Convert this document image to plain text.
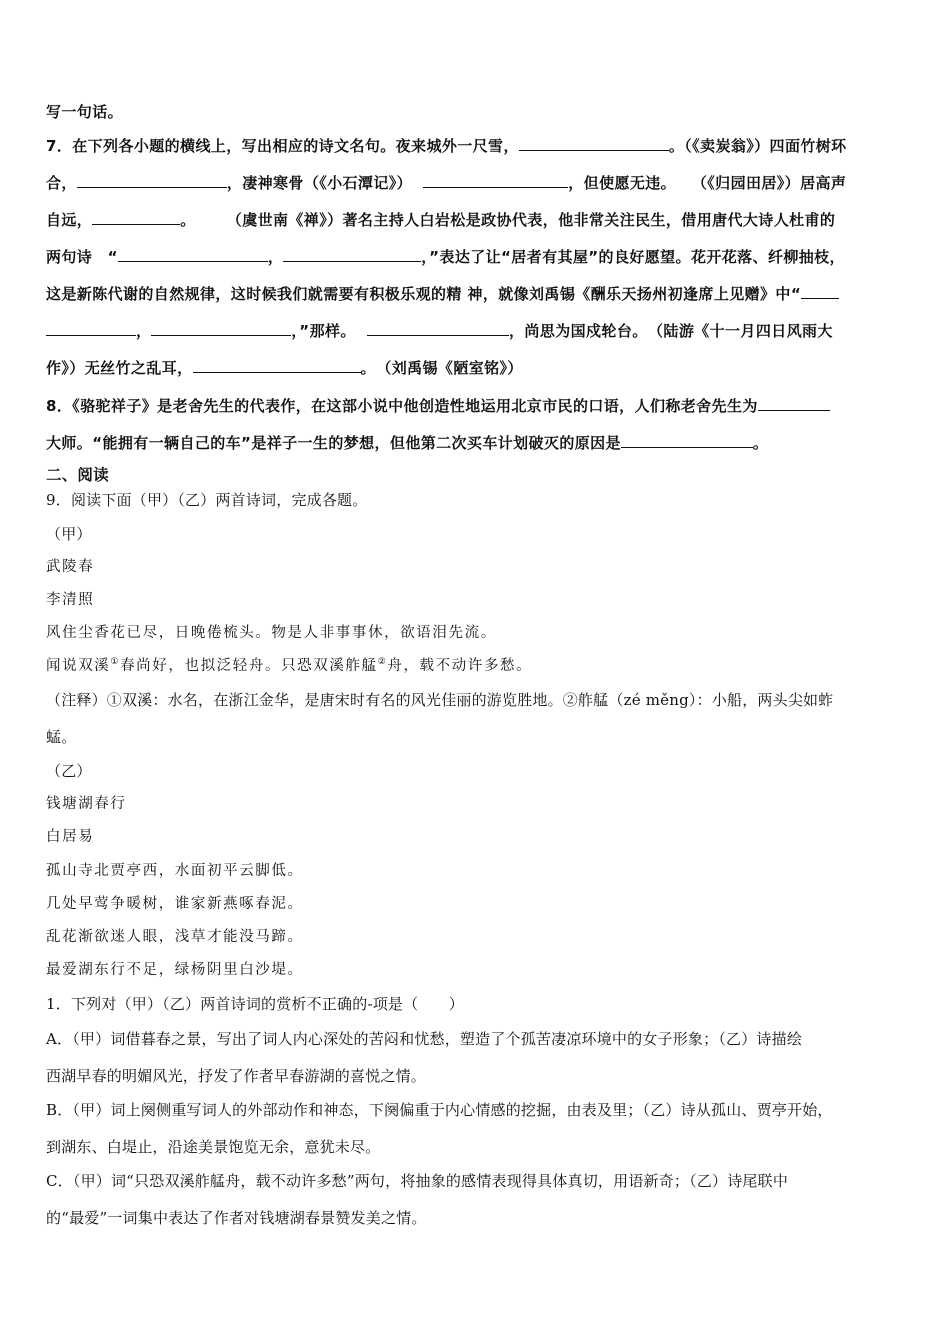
写一句话。
7．在下列各小题的横线上，写出相应的诗文名句。夜来城外一尺雪，	。（《卖炭翁》）四面竹树环
合，	，凄神寒骨（《小石潭记》）	，但使愿无违。　　（《归园田居》）居高声
自远，	。　　　（虞世南《禅》）著名主持人白岩松是政协代表，他非常关注民生，借用唐代大诗人杜甫的
两句诗　“	，	，”表达了让“居者有其屋”的良好愿望。花开花落、纤柳抽枝，
这是新陈代谢的自然规律，这时候我们就需要有积极乐观的精 神，就像刘禹锡《酬乐天扬州初逢席上见赠》中“
，	，”那样。	，尚思为国戍轮台。　（陆游《十一月四日风雨大
作》）无丝竹之乱耳，	。　（刘禹锡《陋室铭》）
8．《骆驼祥子》是老舍先生的代表作，在这部小说中他创造性地运用北京市民的口语，人们称老舍先生为
大师。“能拥有一辆自己的车”是祥子一生的梦想，但他第二次买车计划破灭的原因是	。
二、阅读
9．阅读下面（甲）（乙）两首诗词，完成各题。
（甲）
武陵春
李清照
风住尘香花已尽，日晚倦梳头。物是人非事事休，欲语泪先流。
闻说双溪①春尚好，也拟泛轻舟。只恐双溪舴艋②舟，载不动许多愁。
（注释）①双溪：水名，在浙江金华，是唐宋时有名的风光佳丽的游览胜地。②舴艋（zé měng）：小船，两头尖如蚱
蜢。
（乙）
钱塘湖春行
白居易
孤山寺北贾亭西，水面初平云脚低。
几处早莺争暖树，谁家新燕啄春泥。
乱花渐欲迷人眼，浅草才能没马蹄。
最爱湖东行不足，绿杨阴里白沙堤。
1．下列对（甲）（乙）两首诗词的赏析不正确的-项是（　　）
A．（甲）词借暮春之景，写出了词人内心深处的苦闷和忧愁，塑造了个孤苦凄凉环境中的女子形象；（乙）诗描绘
西湖早春的明媚风光，抒发了作者早春游湖的喜悦之情。
B．（甲）词上阕侧重写词人的外部动作和神态，下阕偏重于内心情感的挖掘，由表及里；（乙）诗从孤山、贾亭开始，
到湖东、白堤止，沿途美景饱览无余，意犹未尽。
C．（甲）词“只恐双溪舴艋舟，载不动许多愁”两句，将抽象的感情表现得具体真切，用语新奇；（乙）诗尾联中
的“最爱”一词集中表达了作者对钱塘湖春景赞发美之情。
